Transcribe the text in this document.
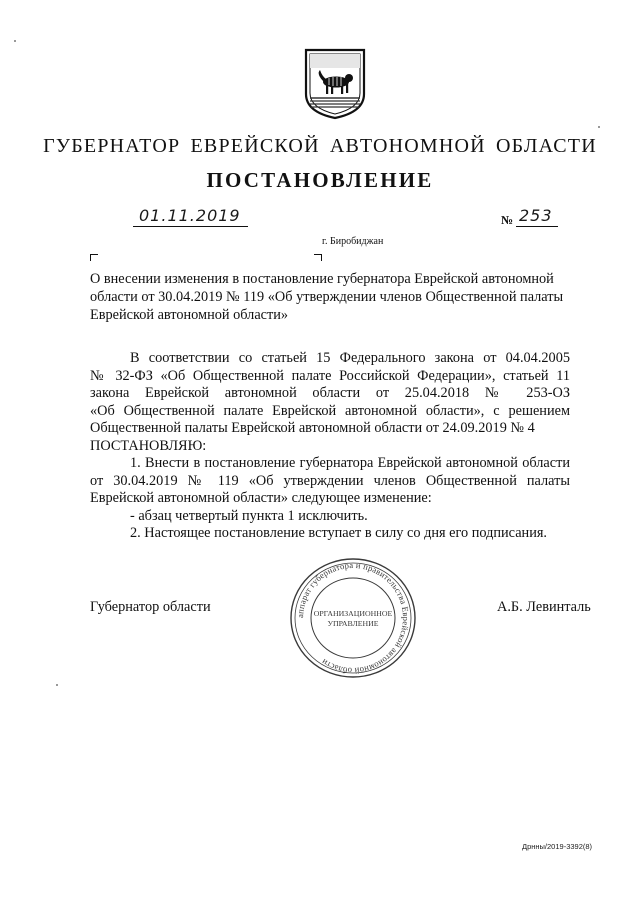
ГУБЕРНАТОР ЕВРЕЙСКОЙ АВТОНОМНОЙ ОБЛАСТИ
ПОСТАНОВЛЕНИЕ
01.11.2019	№ 253
г. Биробиджан
О внесении изменения в постановление губернатора Еврейской автономной области от 30.04.2019 № 119 «Об утверждении членов Общественной палаты Еврейской автономной области»

В соответствии со статьей 15 Федерального закона от 04.04.2005

№ 32-ФЗ «Об Общественной палате Российской Федерации», статьей 11

закона Еврейской автономной области от 25.04.2018 № 253-ОЗ

«Об Общественной палате Еврейской автономной области», с решением

Общественной палаты Еврейской автономной области от 24.09.2019 № 4

ПОСТАНОВЛЯЮ:

1. Внести в постановление губернатора Еврейской автономной области

от 30.04.2019 № 119 «Об утверждении членов Общественной палаты

Еврейской автономной области» следующее изменение:

- абзац четвертый пункта 1 исключить.

2. Настоящее постановление вступает в силу со дня его подписания.

Губернатор области	А.Б. Левинталь
аппарат губернатора и правительства Еврейской автономной области
ОРГАНИЗАЦИОННОЕ
УПРАВЛЕНИЕ
Дрнны/2019-3392(8)
